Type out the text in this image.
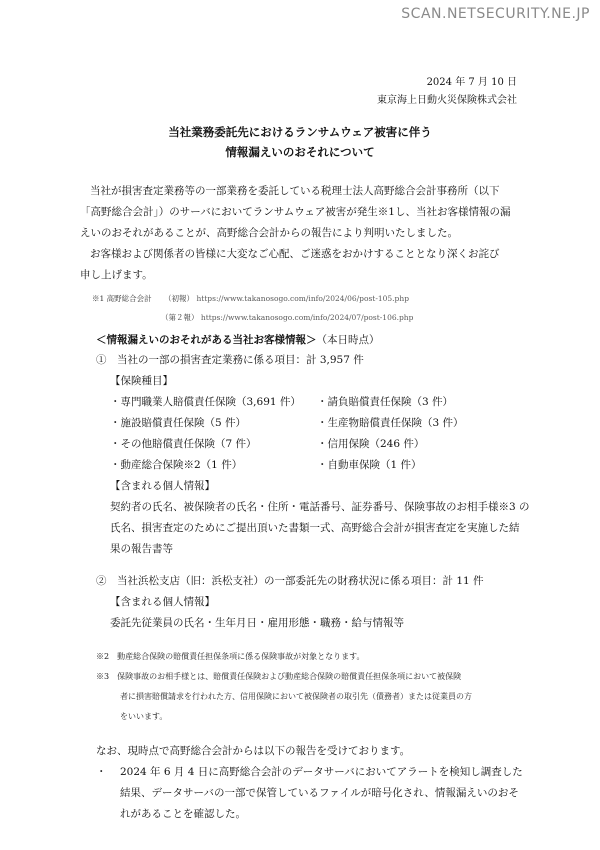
SCAN.NETSECURITY.NE.JP
2024 年 7 月 10 日
東京海上日動火災保険株式会社
当社業務委託先におけるランサムウェア被害に伴う
情報漏えいのおそれについて
当社が損害査定業務等の一部業務を委託している税理士法人高野総合会計事務所（以下
「高野総合会計」）のサーバにおいてランサムウェア被害が発生※1し、当社お客様情報の漏
えいのおそれがあることが、高野総合会計からの報告により判明いたしました。
お客様および関係者の皆様に大変なご心配、ご迷惑をおかけすることとなり深くお詫び
申し上げます。
※1 高野総合会計 （初報） https://www.takanosogo.com/info/2024/06/post-105.php
（第２報） https://www.takanosogo.com/info/2024/07/post-106.php
＜情報漏えいのおそれがある当社お客様情報＞（本日時点）
①　当社の一部の損害査定業務に係る項目：計 3,957 件
【保険種目】
・専門職業人賠償責任保険（3,691 件）
・施設賠償責任保険（5 件）
・その他賠償責任保険（7 件）
・動産総合保険※2（1 件）
・請負賠償責任保険（3 件）
・生産物賠償責任保険（3 件）
・信用保険（246 件）
・自動車保険（1 件）
【含まれる個人情報】
契約者の氏名、被保険者の氏名・住所・電話番号、証券番号、保険事故のお相手様※3 の
氏名、損害査定のためにご提出頂いた書類一式、高野総合会計が損害査定を実施した結
果の報告書等
②　当社浜松支店（旧：浜松支社）の一部委託先の財務状況に係る項目：計 11 件
【含まれる個人情報】
委託先従業員の氏名・生年月日・雇用形態・職務・給与情報等
※2　動産総合保険の賠償責任担保条項に係る保険事故が対象となります。
※3　保険事故のお相手様とは、賠償責任保険および動産総合保険の賠償責任担保条項において被保険
者に損害賠償請求を行われた方、信用保険において被保険者の取引先（債務者）または従業員の方
をいいます。
なお、現時点で高野総合会計からは以下の報告を受けております。
・ 2024 年 6 月 4 日に高野総合会計のデータサーバにおいてアラートを検知し調査した
結果、データサーバの一部で保管しているファイルが暗号化され、情報漏えいのおそ
れがあることを確認した。
